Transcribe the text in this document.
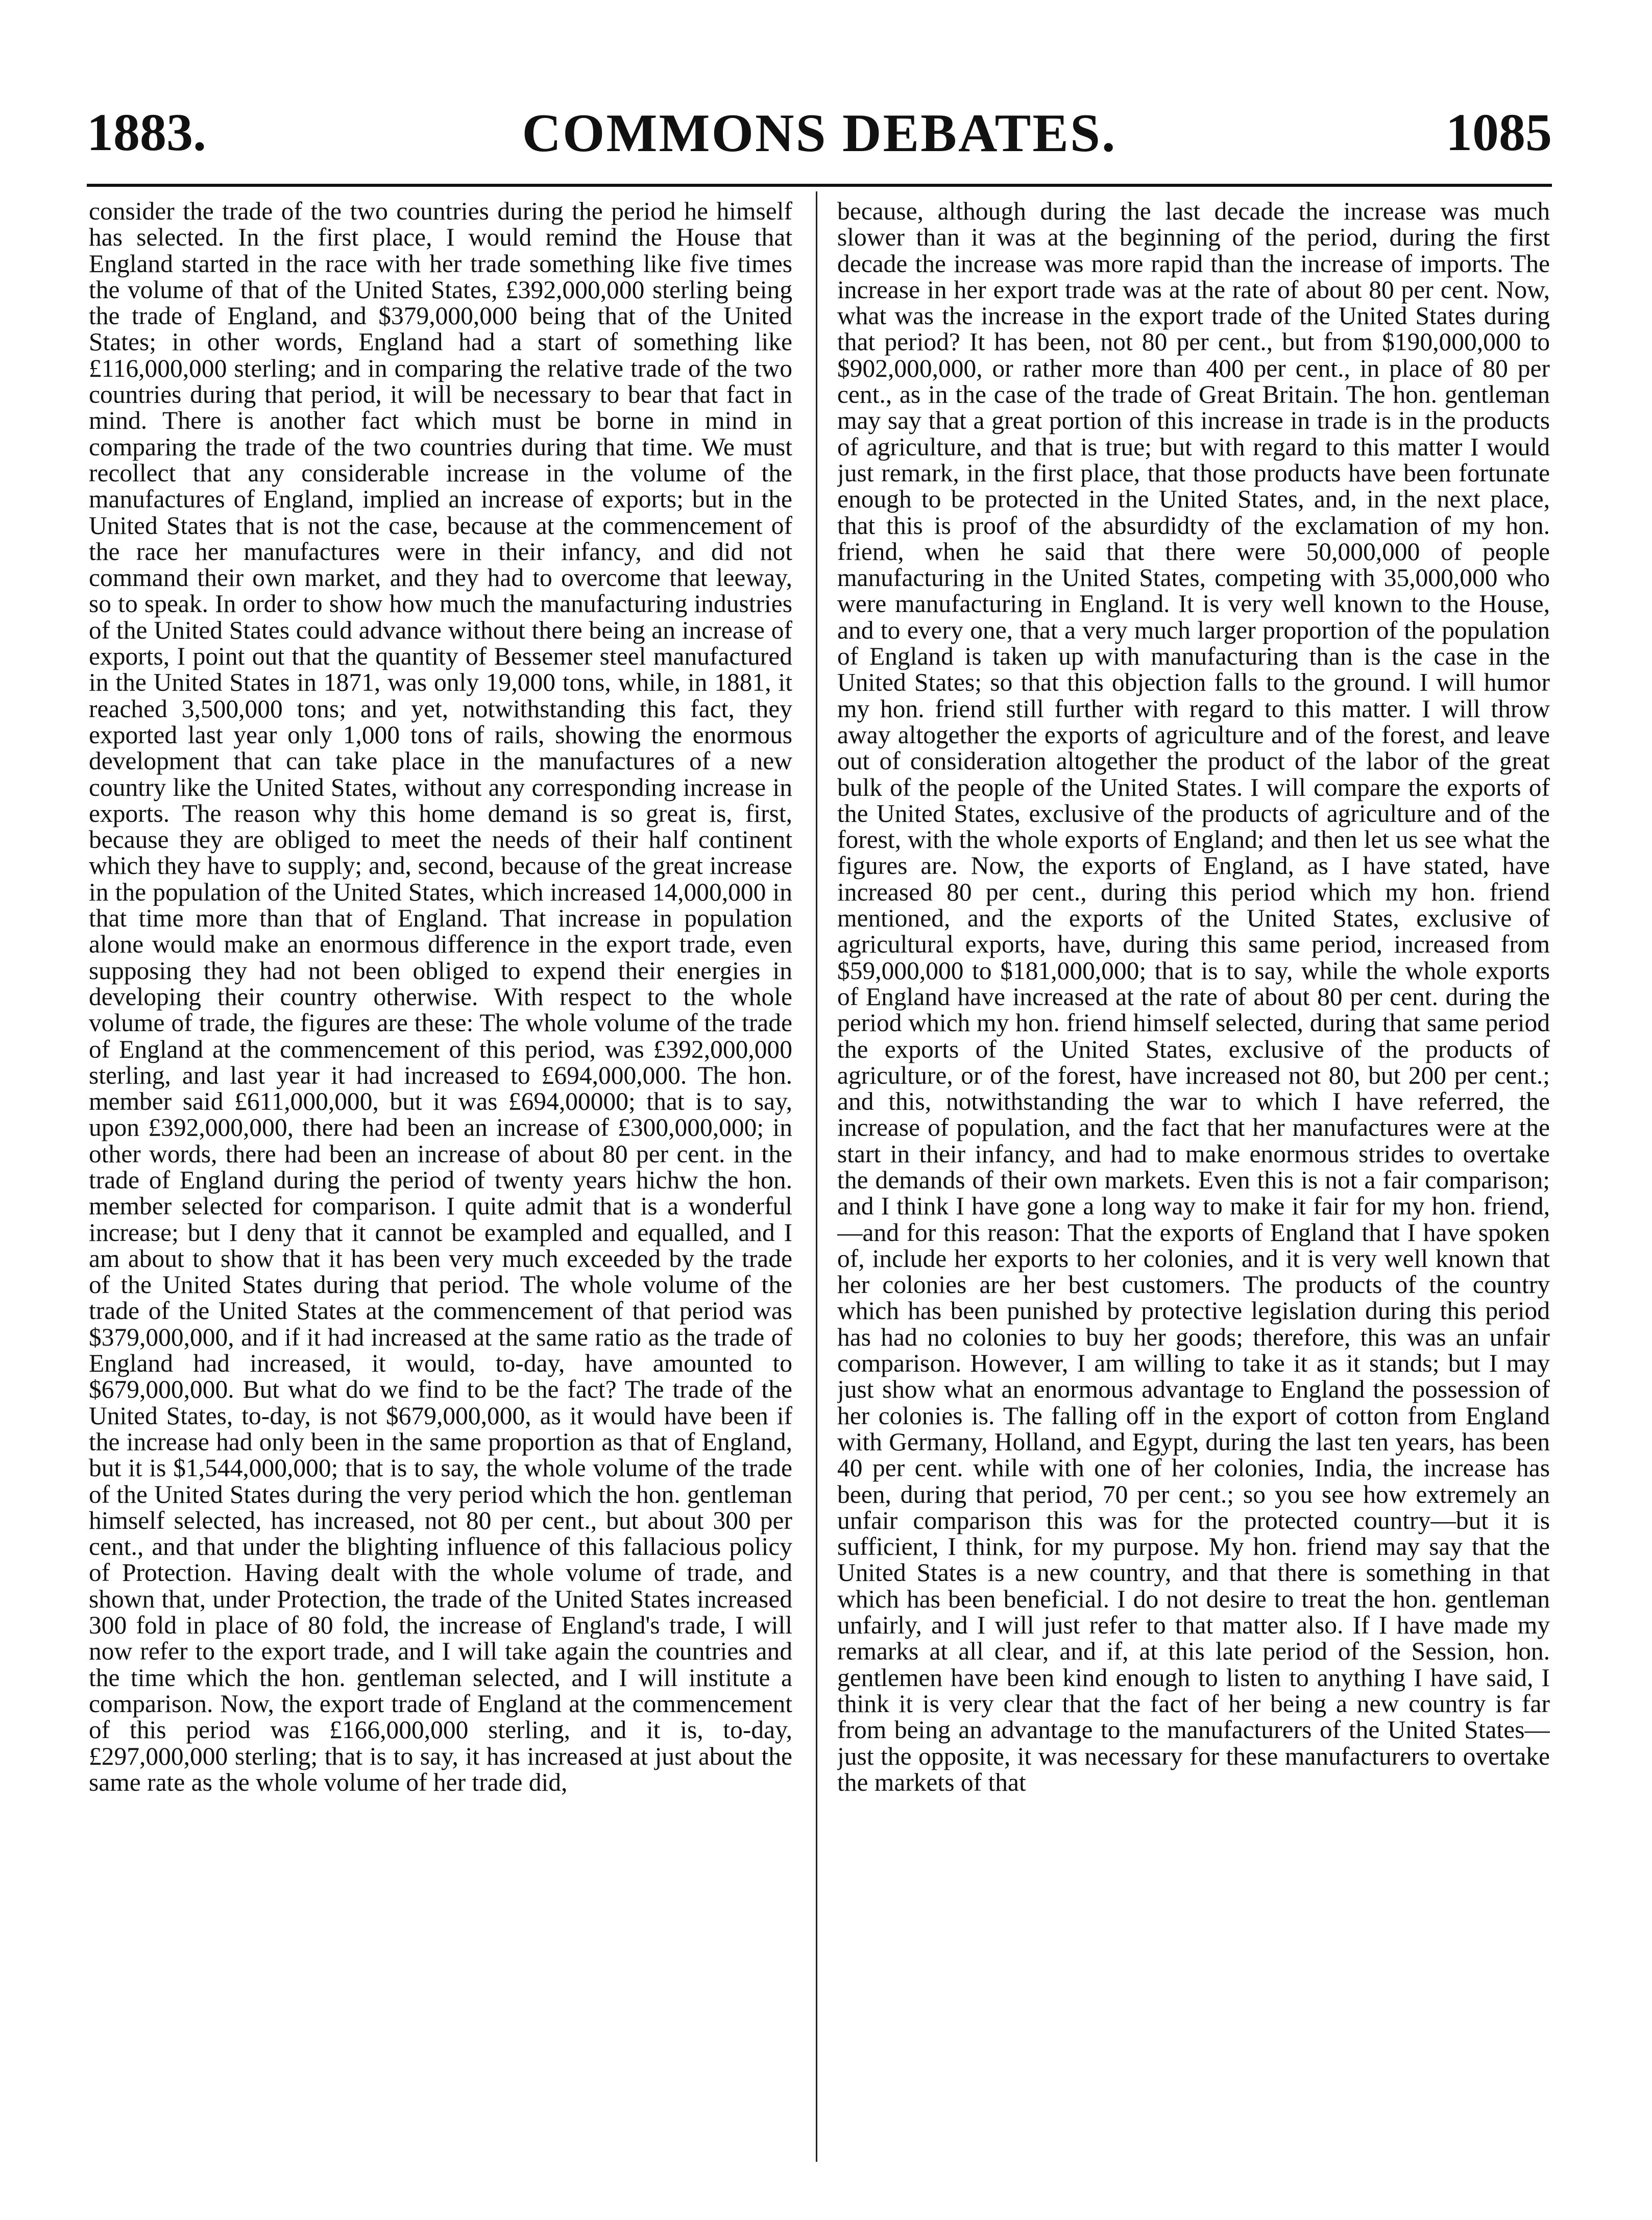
1883.	COMMONS DEBATES.	1085

consider the trade of the two countries during the period he himself has selected. In the first place, I would remind the House that England started in the race with her trade something like five times the volume of that of the United States, £392,000,000 sterling being the trade of England, and $379,000,000 being that of the United States; in other words, England had a start of something like £116,000,000 sterling; and in comparing the relative trade of the two countries during that period, it will be necessary to bear that fact in mind. There is another fact which must be borne in mind in comparing the trade of the two countries during that time. We must recollect that any considerable increase in the volume of the manufactures of England, implied an increase of exports; but in the United States that is not the case, because at the commencement of the race her manufactures were in their infancy, and did not command their own market, and they had to overcome that leeway, so to speak. In order to show how much the manufacturing industries of the United States could advance without there being an increase of exports, I point out that the quantity of Bessemer steel manufactured in the United States in 1871, was only 19,000 tons, while, in 1881, it reached 3,500,000 tons; and yet, notwithstanding this fact, they exported last year only 1,000 tons of rails, showing the enormous development that can take place in the manufactures of a new country like the United States, without any corresponding increase in exports. The reason why this home demand is so great is, first, because they are obliged to meet the needs of their half continent which they have to supply; and, second, because of the great increase in the population of the United States, which increased 14,000,000 in that time more than that of England. That increase in population alone would make an enormous difference in the export trade, even supposing they had not been obliged to expend their energies in developing their country otherwise. With respect to the whole volume of trade, the figures are these: The whole volume of the trade of England at the commencement of this period, was £392,000,000 sterling, and last year it had increased to £694,000,000. The hon. member said £611,000,000, but it was £694,00000; that is to say, upon £392,000,000, there had been an increase of £300,000,000; in other words, there had been an increase of about 80 per cent. in the trade of England during the period of twenty years hichw the hon. member selected for comparison. I quite admit that is a wonderful increase; but I deny that it cannot be exampled and equalled, and I am about to show that it has been very much exceeded by the trade of the United States during that period. The whole volume of the trade of the United States at the commencement of that period was $379,000,000, and if it had increased at the same ratio as the trade of England had increased, it would, to-day, have amounted to $679,000,000. But what do we find to be the fact? The trade of the United States, to-day, is not $679,000,000, as it would have been if the increase had only been in the same proportion as that of England, but it is $1,544,000,000; that is to say, the whole volume of the trade of the United States during the very period which the hon. gentleman himself selected, has increased, not 80 per cent., but about 300 per cent., and that under the blighting influence of this fallacious policy of Protection. Having dealt with the whole volume of trade, and shown that, under Protection, the trade of the United States increased 300 fold in place of 80 fold, the increase of England's trade, I will now refer to the export trade, and I will take again the countries and the time which the hon. gentleman selected, and I will institute a comparison. Now, the export trade of England at the commencement of this period was £166,000,000 sterling, and it is, to-day, £297,000,000 sterling; that is to say, it has increased at just about the same rate as the whole volume of her trade did,

because, although during the last decade the increase was much slower than it was at the beginning of the period, during the first decade the increase was more rapid than the increase of imports. The increase in her export trade was at the rate of about 80 per cent. Now, what was the increase in the export trade of the United States during that period? It has been, not 80 per cent., but from $190,000,000 to $902,000,000, or rather more than 400 per cent., in place of 80 per cent., as in the case of the trade of Great Britain. The hon. gentleman may say that a great portion of this increase in trade is in the products of agriculture, and that is true; but with regard to this matter I would just remark, in the first place, that those products have been fortunate enough to be protected in the United States, and, in the next place, that this is proof of the absurdidty of the exclamation of my hon. friend, when he said that there were 50,000,000 of people manufacturing in the United States, competing with 35,000,000 who were manufacturing in England. It is very well known to the House, and to every one, that a very much larger proportion of the population of England is taken up with manufacturing than is the case in the United States; so that this objection falls to the ground. I will humor my hon. friend still further with regard to this matter. I will throw away altogether the exports of agriculture and of the forest, and leave out of consideration altogether the product of the labor of the great bulk of the people of the United States. I will compare the exports of the United States, exclusive of the products of agriculture and of the forest, with the whole exports of England; and then let us see what the figures are. Now, the exports of England, as I have stated, have increased 80 per cent., during this period which my hon. friend mentioned, and the exports of the United States, exclusive of agricultural exports, have, during this same period, increased from $59,000,000 to $181,000,000; that is to say, while the whole exports of England have increased at the rate of about 80 per cent. during the period which my hon. friend himself selected, during that same period the exports of the United States, exclusive of the products of agriculture, or of the forest, have increased not 80, but 200 per cent.; and this, notwithstanding the war to which I have referred, the increase of population, and the fact that her manufactures were at the start in their infancy, and had to make enormous strides to overtake the demands of their own markets. Even this is not a fair comparison; and I think I have gone a long way to make it fair for my hon. friend, —and for this reason: That the exports of England that I have spoken of, include her exports to her colonies, and it is very well known that her colonies are her best customers. The products of the country which has been punished by protective legislation during this period has had no colonies to buy her goods; therefore, this was an unfair comparison. However, I am willing to take it as it stands; but I may just show what an enormous advantage to England the possession of her colonies is. The falling off in the export of cotton from England with Germany, Holland, and Egypt, during the last ten years, has been 40 per cent. while with one of her colonies, India, the increase has been, during that period, 70 per cent.; so you see how extremely an unfair comparison this was for the protected country—but it is sufficient, I think, for my purpose. My hon. friend may say that the United States is a new country, and that there is something in that which has been beneficial. I do not desire to treat the hon. gentleman unfairly, and I will just refer to that matter also. If I have made my remarks at all clear, and if, at this late period of the Session, hon. gentlemen have been kind enough to listen to anything I have said, I think it is very clear that the fact of her being a new country is far from being an advantage to the manufacturers of the United States—just the opposite, it was necessary for these manufacturers to overtake the markets of that
